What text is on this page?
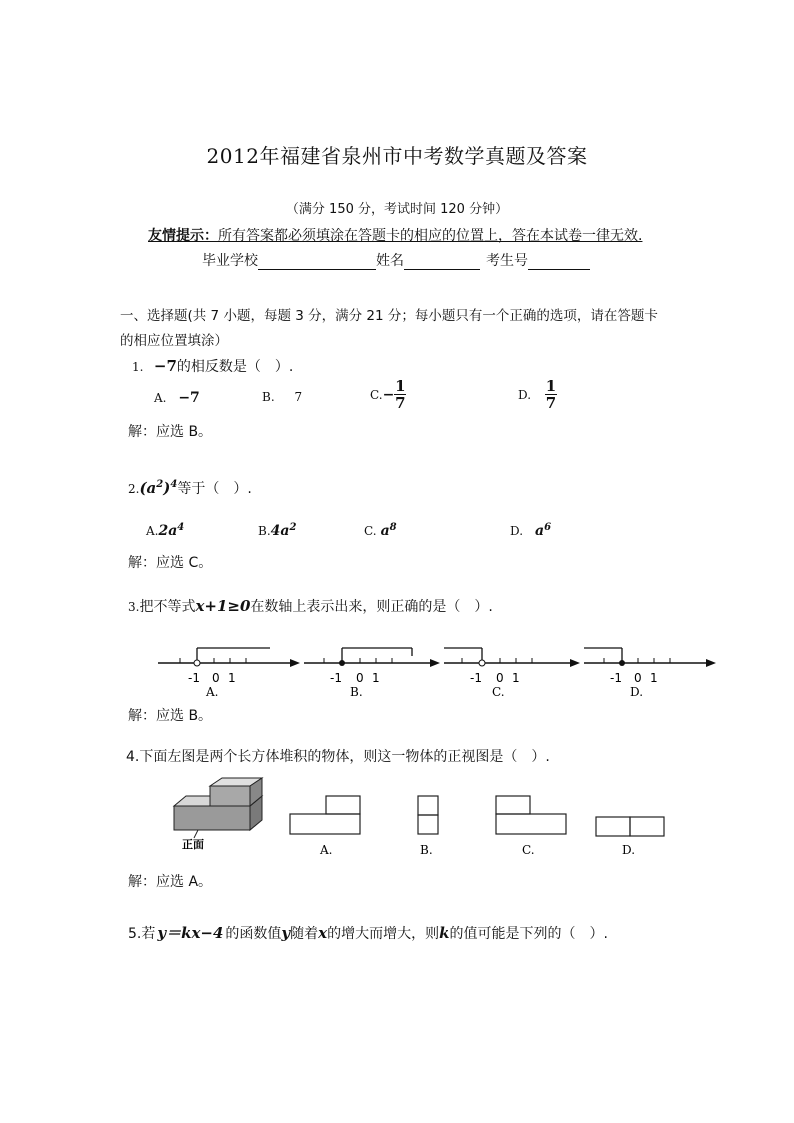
2012年福建省泉州市中考数学真题及答案
（满分 150 分，考试时间 120 分钟）
友情提示：所有答案都必须填涂在答题卡的相应的位置上，答在本试卷一律无效.
毕业学校	姓名	考生号
一、选择题(共 7 小题，每题 3 分，满分 21 分；每小题只有一个正确的选项，请在答题卡
的相应位置填涂）
1. −7的相反数是（　）.
A. −7	B. 7	C. − $\frac{1}{7}$	D. $\frac{1}{7}$
解：应选 B。
$2.(a^2)^4$等于（　）.
$A.2a^4$	$B.4a^2$	C. $a^8$	D. $a^6$
解：应选 C。
3.把不等式x+1≥0在数轴上表示出来，则正确的是（　）.
-1 0 1
A.
-1 0 1
B.
-1 0 1
C.
-1 0 1
D.
解：应选 B。
4.下面左图是两个长方体堆积的物体，则这一物体的正视图是（　）.
正面	A.	B.	C.	D.
解：应选 A。
5.若 y＝kx−4 的函数值y随着x的增大而增大，则k的值可能是下列的（　）.
